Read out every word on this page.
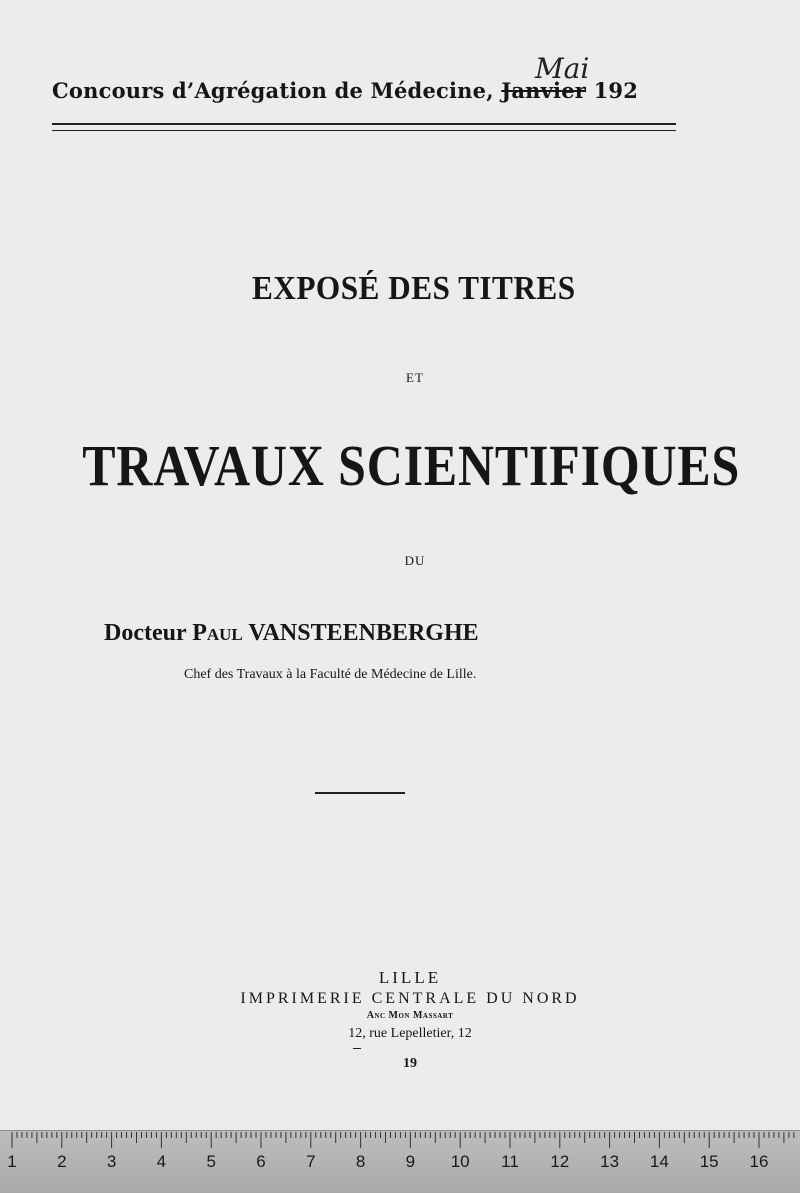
Mai
Concours d’Agrégation de Médecine, Janvier 192
EXPOSÉ DES TITRES
ET
TRAVAUX SCIENTIFIQUES
DU
Docteur Paul VANSTEENBERGHE
Chef des Travaux à la Faculté de Médecine de Lille.
LILLE
IMPRIMERIE CENTRALE DU NORD
Anc Mon Massart
12, rue Lepelletier, 12
19
1 2 3 4 5 6 7 8 9 10 11 12 13 14 15 16
